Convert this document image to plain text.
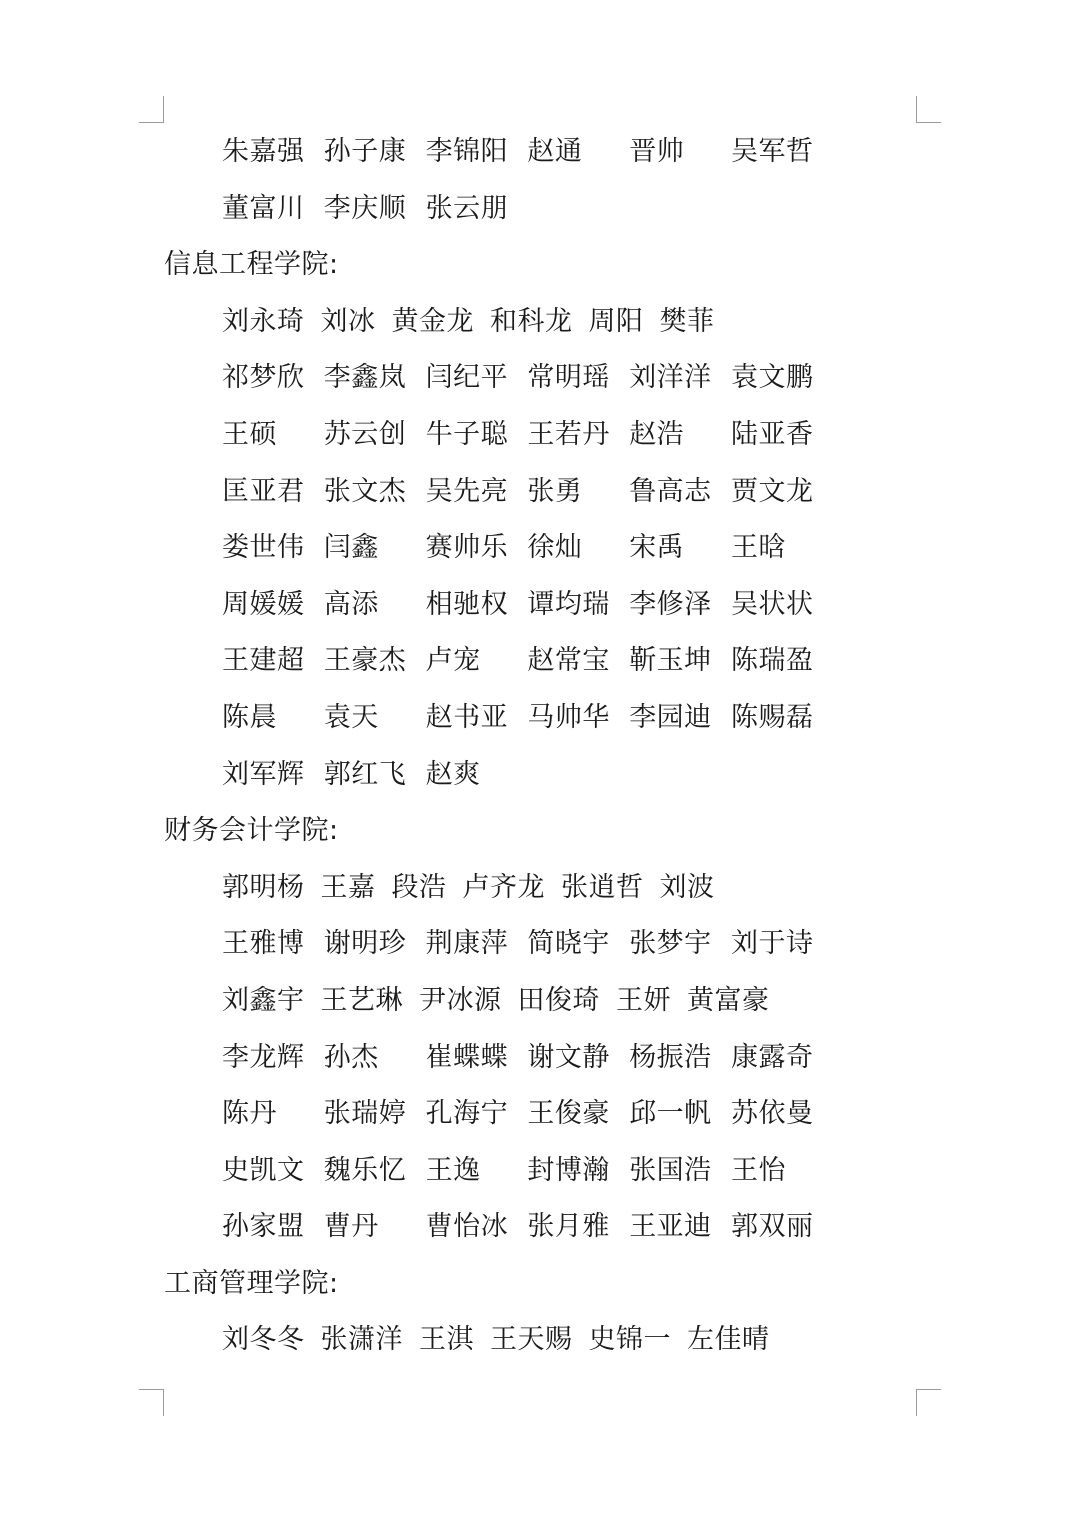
朱嘉强 孙子康 李锦阳 赵通 晋帅 吴军哲
董富川 李庆顺 张云朋
信息工程学院:
刘永琦 刘冰 黄金龙 和科龙 周阳 樊菲
祁梦欣 李鑫岚 闫纪平 常明瑶 刘洋洋 袁文鹏
王硕 苏云创 牛子聪 王若丹 赵浩 陆亚香
匡亚君 张文杰 吴先亮 张勇 鲁高志 贾文龙
娄世伟 闫鑫 赛帅乐 徐灿 宋禹 王晗
周媛媛 高添 相驰权 谭均瑞 李修泽 吴状状
王建超 王豪杰 卢宠 赵常宝 靳玉坤 陈瑞盈
陈晨 袁天 赵书亚 马帅华 李园迪 陈赐磊
刘军辉 郭红飞 赵爽
财务会计学院:
郭明杨 王嘉 段浩 卢齐龙 张逍哲 刘波
王雅博 谢明珍 荆康萍 简晓宇 张梦宇 刘于诗
刘鑫宇 王艺琳 尹冰源 田俊琦 王妍 黄富豪
李龙辉 孙杰 崔蝶蝶 谢文静 杨振浩 康露奇
陈丹 张瑞婷 孔海宁 王俊豪 邱一帆 苏依曼
史凯文 魏乐忆 王逸 封博瀚 张国浩 王怡
孙家盟 曹丹 曹怡冰 张月雅 王亚迪 郭双丽
工商管理学院:
刘冬冬 张潇洋 王淇 王天赐 史锦一 左佳晴
